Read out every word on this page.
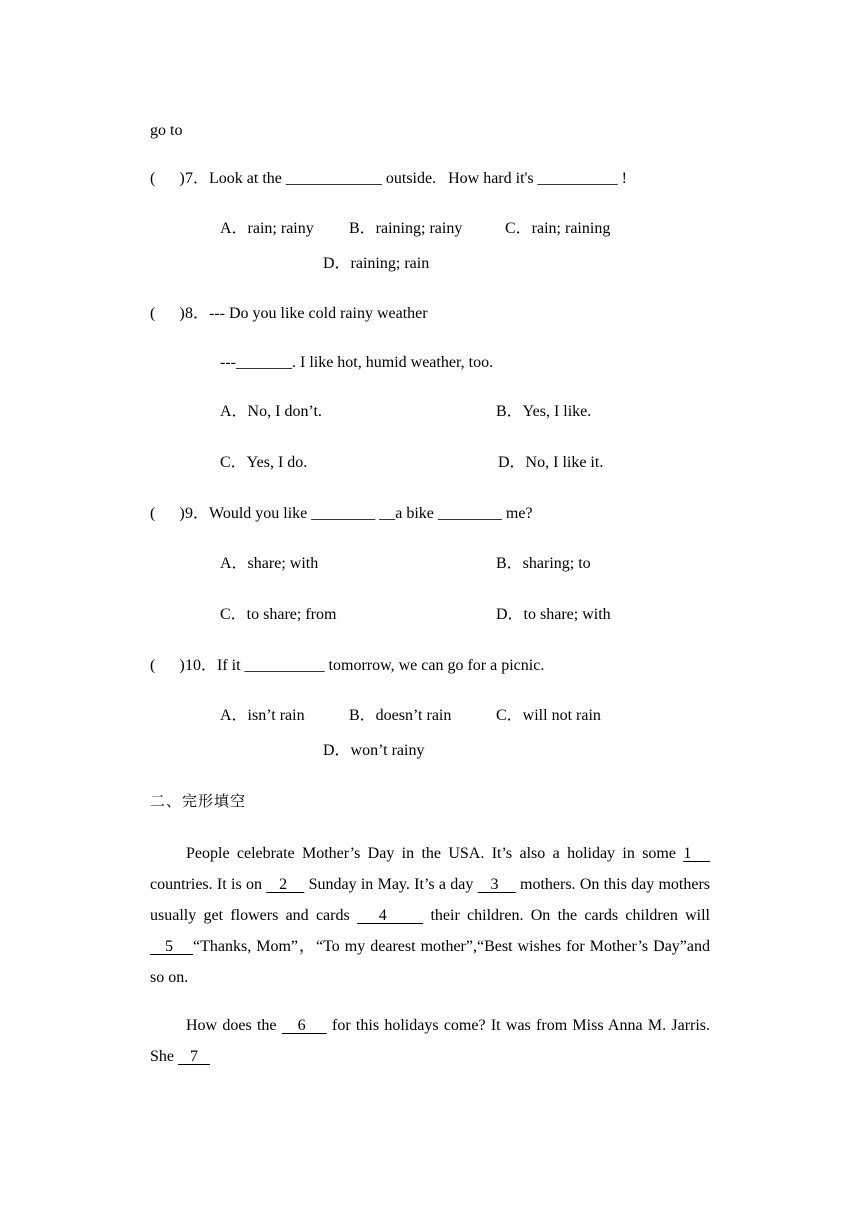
go to
(      ) 7．Look at the ____________ outside.   How hard it's __________ !
A．rain; rainy B．raining; rainy	C．rain; raining
D．raining; rain
(      ) 8．--- Do you like cold rainy weather
---_______. I like hot, humid weather, too.
A．No, I don’t.	B．Yes, I like.
C．Yes, I do.	D．No, I like it.
(      ) 9．Would you like ________ __a bike ________ me?
A．share; with	B．sharing; to
C．to share; from	D．to share; with
(      ) 10．If it __________ tomorrow, we can go for a picnic.
A．isn’t rain	B．doesn’t rain	C．will not rain
D．won’t rainy
二、完形填空
People celebrate Mother’s Day in the USA. It’s also a holiday in some 1    countries. It is on    2     Sunday in May. It’s a day    3     mothers. On this day mothers usually get flowers and cards    4      their children. On the cards children will    5    “Thanks, Mom”，“To my dearest mother”,“Best wishes for Mother’s Day”and so on.
How does the    6     for this holidays come? It was from Miss Anna M. Jarris. She    7
